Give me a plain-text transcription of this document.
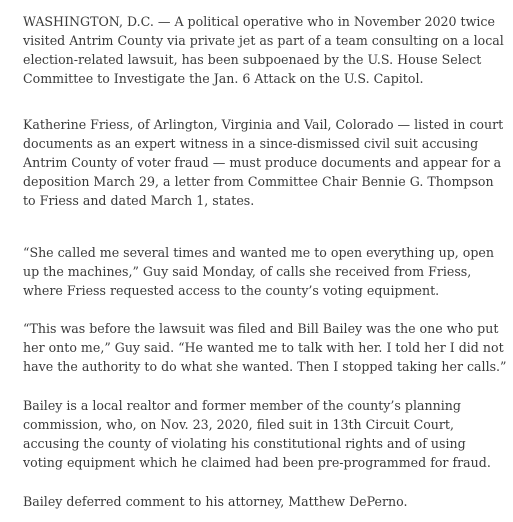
WASHINGTON, D.C. — A political operative who in November 2020 twice visited Antrim County via private jet as part of a team consulting on a local election-related lawsuit, has been subpoenaed by the U.S. House Select Committee to Investigate the Jan. 6 Attack on the U.S. Capitol.

Katherine Friess, of Arlington, Virginia and Vail, Colorado — listed in court documents as an expert witness in a since-dismissed civil suit accusing Antrim County of voter fraud — must produce documents and appear for a deposition March 29, a letter from Committee Chair Bennie G. Thompson to Friess and dated March 1, states.

“She called me several times and wanted me to open everything up, open up the machines,” Guy said Monday, of calls she received from Friess, where Friess requested access to the county’s voting equipment.

“This was before the lawsuit was filed and Bill Bailey was the one who put her onto me,” Guy said. “He wanted me to talk with her. I told her I did not have the authority to do what she wanted. Then I stopped taking her calls.”

Bailey is a local realtor and former member of the county’s planning commission, who, on Nov. 23, 2020, filed suit in 13th Circuit Court, accusing the county of violating his constitutional rights and of using voting equipment which he claimed had been pre-programmed for fraud.

Bailey deferred comment to his attorney, Matthew DePerno.
